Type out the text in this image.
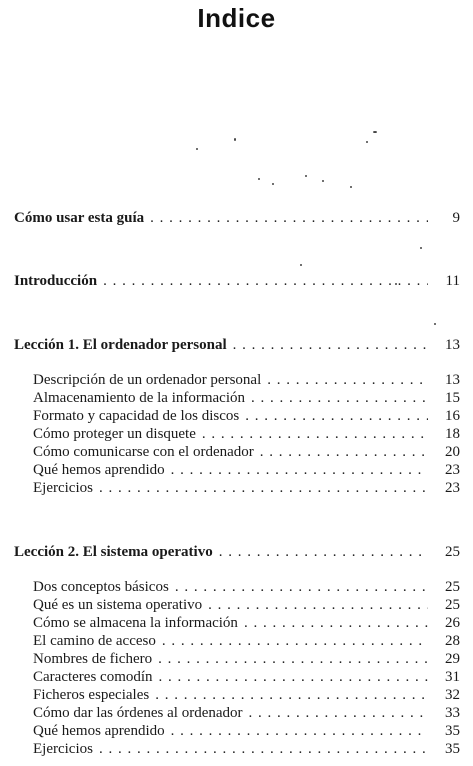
Indice
Cómo usar esta guía . . .	9
Introducción . . .	11
Lección 1. El ordenador personal . . .	13
Descripción de un ordenador personal . . .	13
Almacenamiento de la información . . .	15
Formato y capacidad de los discos . . .	16
Cómo proteger un disquete . . .	18
Cómo comunicarse con el ordenador . . .	20
Qué hemos aprendido . . .	23
Ejercicios . . .	23
Lección 2. El sistema operativo . . .	25
Dos conceptos básicos . . .	25
Qué es un sistema operativo . . .	25
Cómo se almacena la información . . .	26
El camino de acceso . . .	28
Nombres de fichero . . .	29
Caracteres comodín . . .	31
Ficheros especiales . . .	32
Cómo dar las órdenes al ordenador . . .	33
Qué hemos aprendido . . .	35
Ejercicios . . .	35
